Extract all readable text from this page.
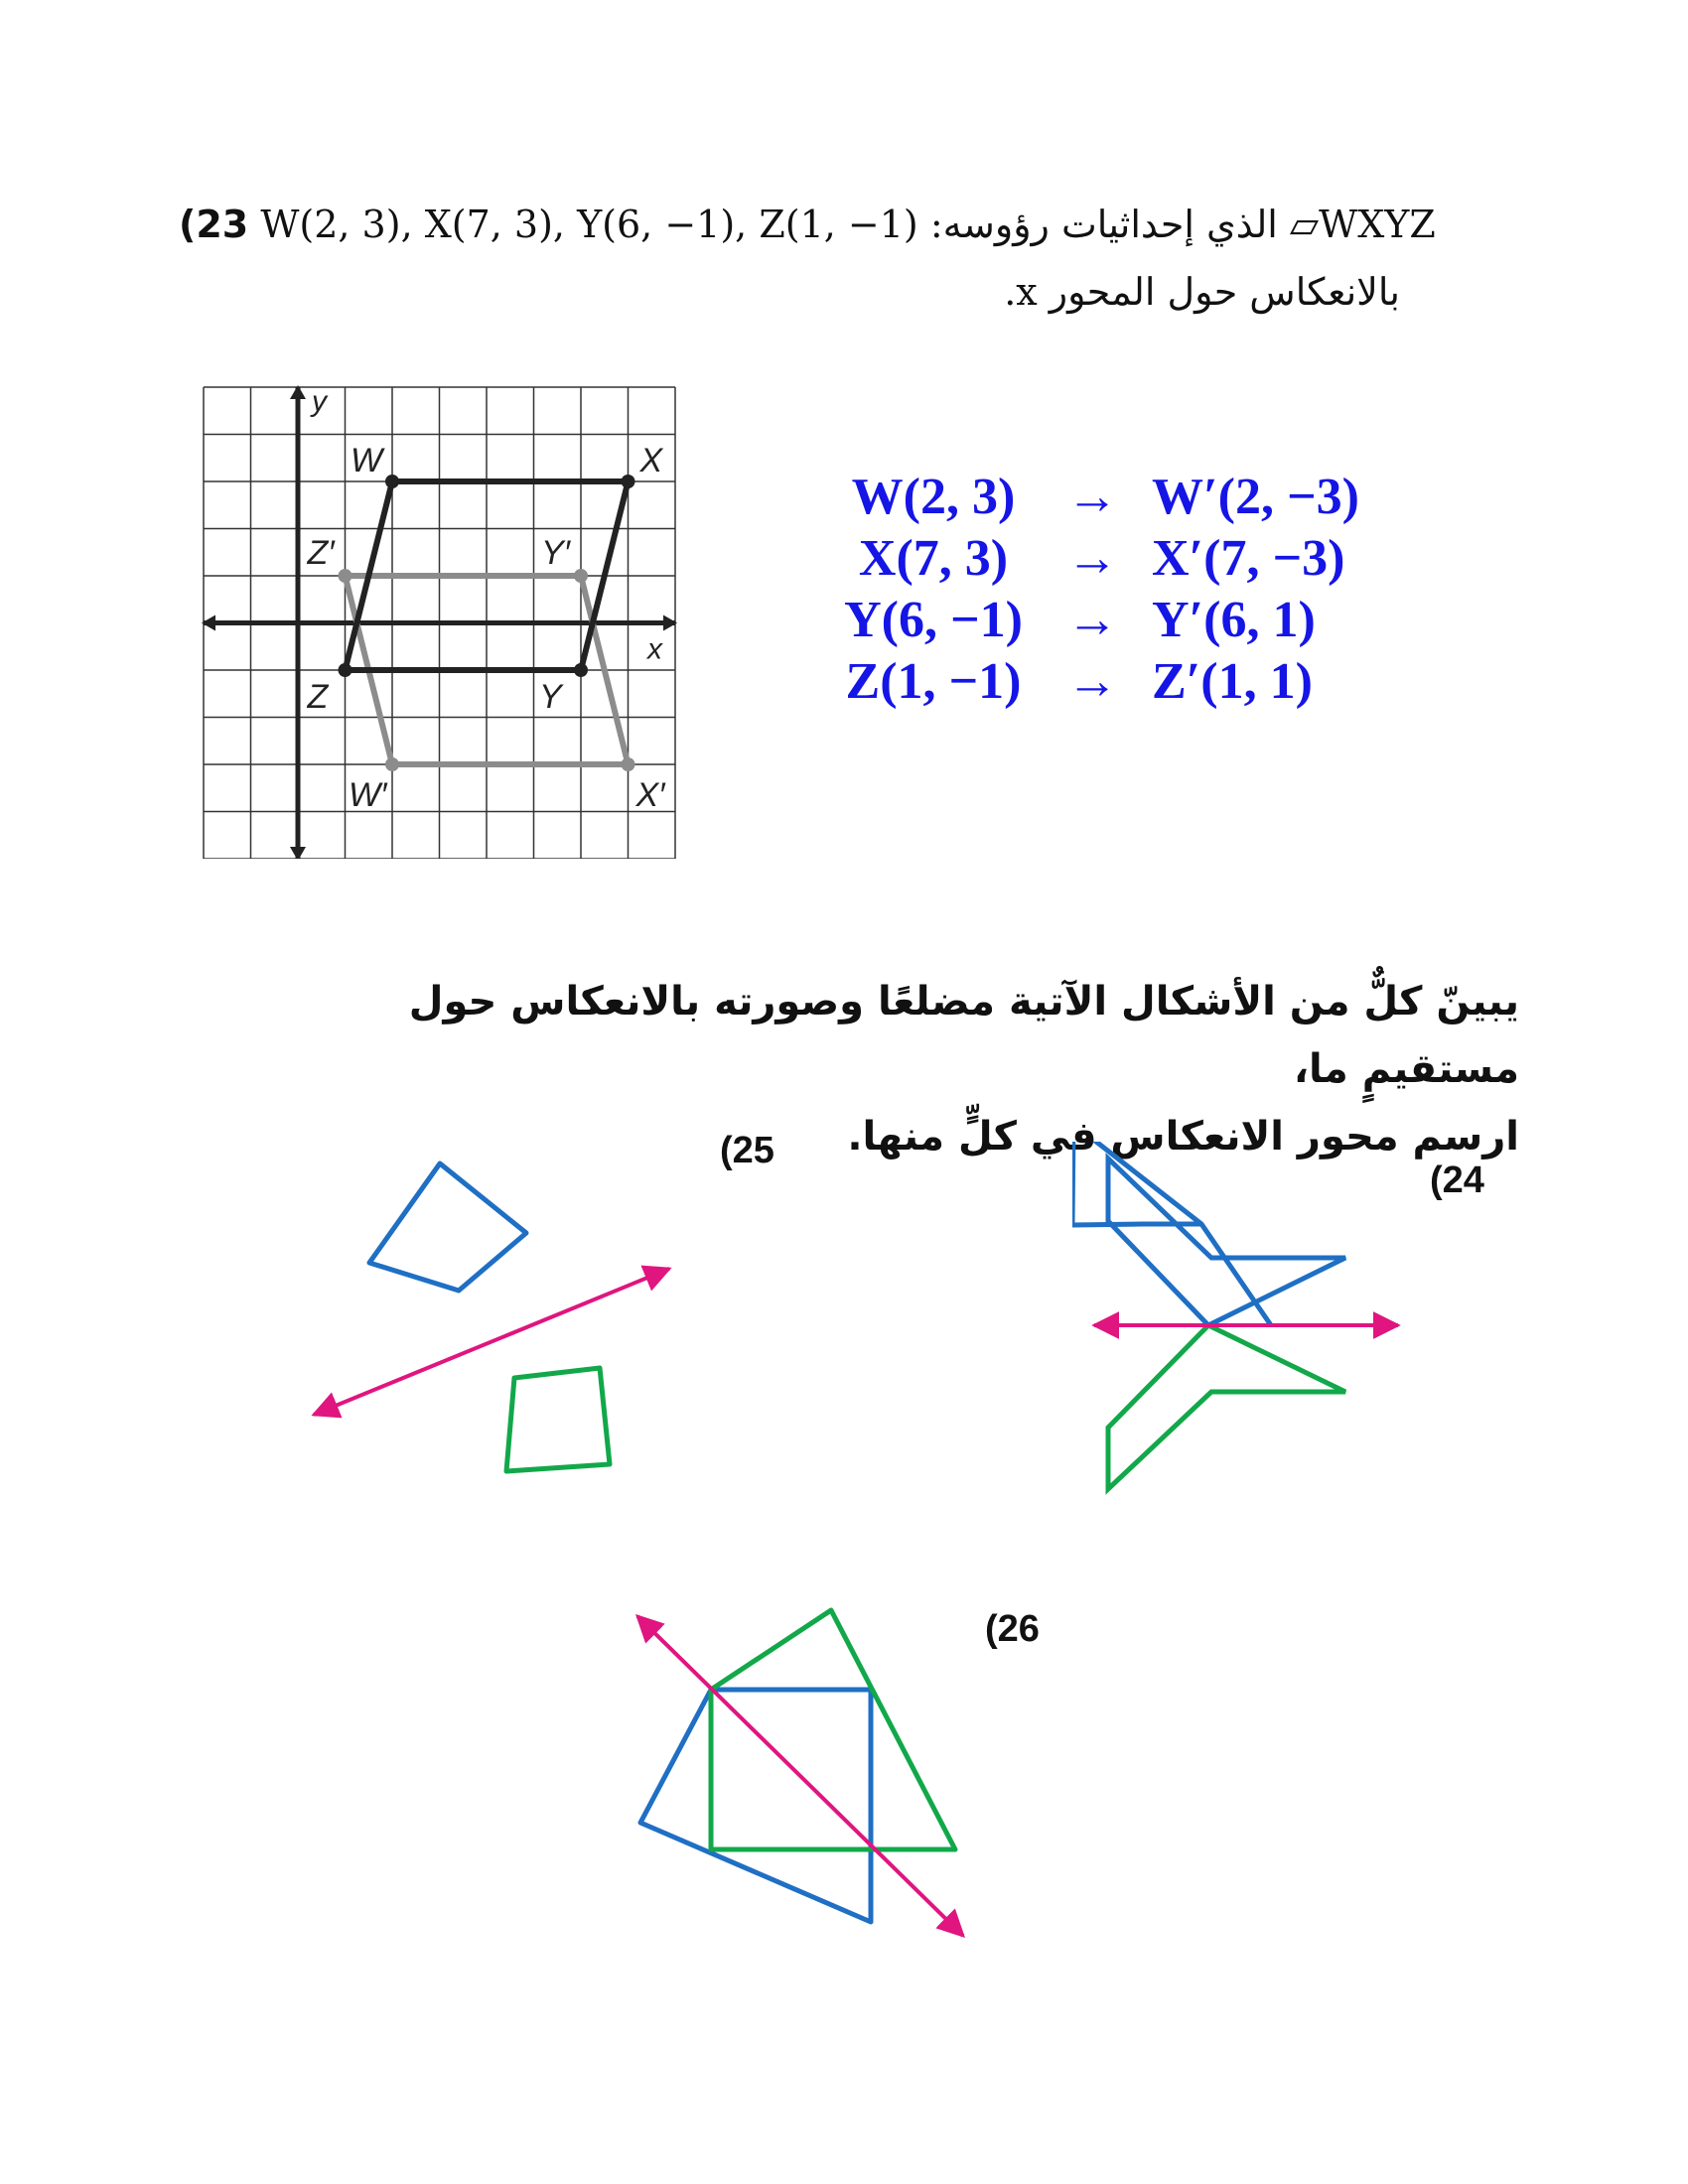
(23 W(2, 3), X(7, 3), Y(6, −1), Z(1, −1) :الذي إحداثيات رؤوسه ▱WXYZ
بالانعكاس حول المحور x.
W	X
Y
Z
W′	X′
Y′
Z′
x
y
W(2, 3) → W′(2, −3)
X(7, 3)	→ X′(7, −3)
Y(6, −1) → Y′(6, 1)
Z(1, −1) → Z′(1, 1)
يبينّ كلٌّ من الأشكال الآتية مضلعًا وصورته بالانعكاس حول مستقيمٍ ما،
ارسم محور الانعكاس في كلٍّ منها.
(24
(25
(26
